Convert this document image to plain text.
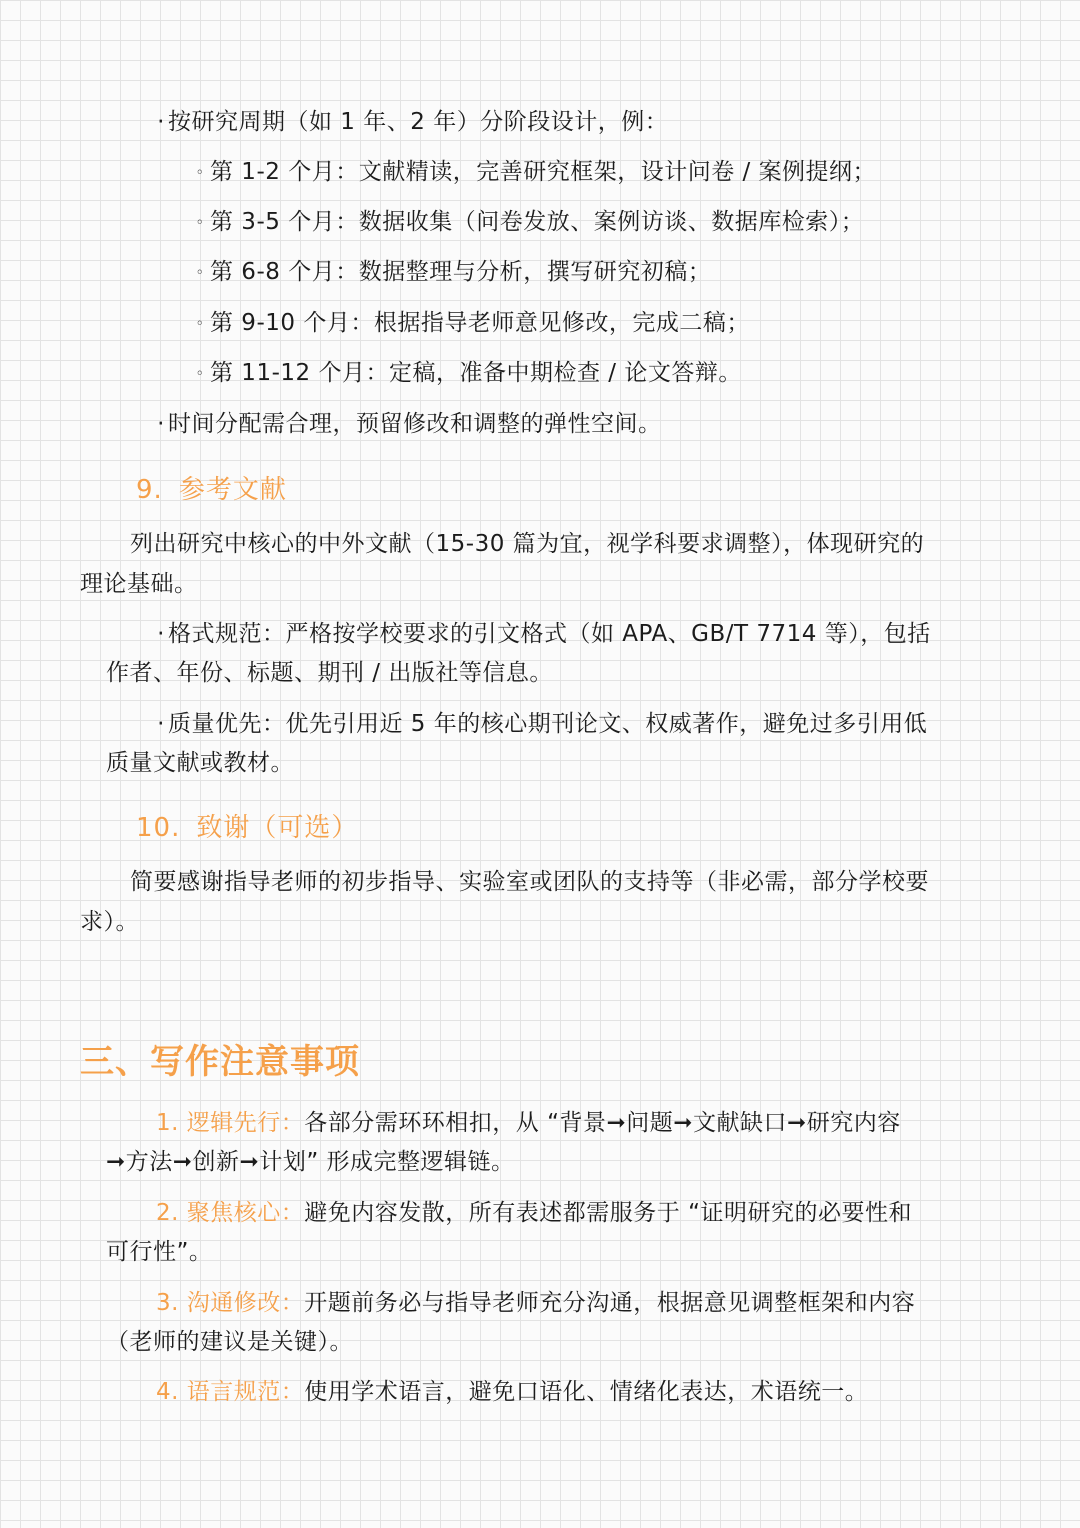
· 按研究周期（如 1 年、2 年）分阶段设计，例：
◦ 第 1-2 个月：文献精读，完善研究框架，设计问卷 / 案例提纲；
◦ 第 3-5 个月：数据收集（问卷发放、案例访谈、数据库检索）；
◦ 第 6-8 个月：数据整理与分析，撰写研究初稿；
◦ 第 9-10 个月：根据指导老师意见修改，完成二稿；
◦ 第 11-12 个月：定稿，准备中期检查 / 论文答辩。
· 时间分配需合理，预留修改和调整的弹性空间。
9. 参考文献
列出研究中核心的中外文献（15-30 篇为宜，视学科要求调整），体现研究的
理论基础。
· 格式规范：严格按学校要求的引文格式（如 APA、GB/T 7714 等），包括
作者、年份、标题、期刊 / 出版社等信息。
· 质量优先：优先引用近 5 年的核心期刊论文、权威著作，避免过多引用低
质量文献或教材。
10. 致谢（可选）
简要感谢指导老师的初步指导、实验室或团队的支持等（非必需，部分学校要
求）。
三、写作注意事项
1. 逻辑先行：各部分需环环相扣，从 “背景➞问题➞文献缺口➞研究内容
➞方法➞创新➞计划” 形成完整逻辑链。
2. 聚焦核心：避免内容发散，所有表述都需服务于 “证明研究的必要性和
可行性”。
3. 沟通修改：开题前务必与指导老师充分沟通，根据意见调整框架和内容
（老师的建议是关键）。
4. 语言规范：使用学术语言，避免口语化、情绪化表达，术语统一。
